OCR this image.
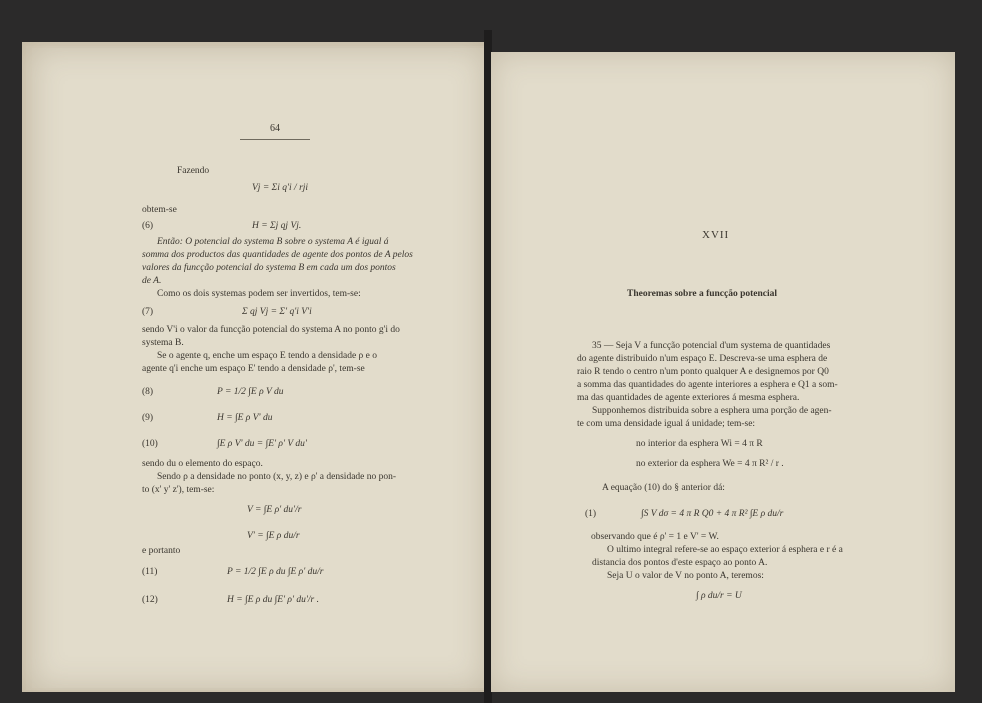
64
Fazendo
Vj = Σi q'i / rji
obtem-se
(6)	H = Σj qj Vj.
Então: O potencial do systema B sobre o systema A é igual á
somma dos productos das quantidades de agente dos pontos de A pelos
valores da funcção potencial do systema B em cada um dos pontos
de A.
Como os dois systemas podem ser invertidos, tem-se:
(7)	Σ qj Vj = Σ' q'i V'i
sendo V'i o valor da funcção potencial do systema A no ponto g'i do
systema B.
Se o agente q, enche um espaço E tendo a densidade ρ e o
agente q'i enche um espaço E' tendo a densidade ρ', tem-se
(8)	P = 1/2 ∫E ρ V du
(9)	H = ∫E ρ V' du
(10)	∫E ρ V' du = ∫E' ρ' V du'
sendo du o elemento do espaço.
Sendo ρ a densidade no ponto (x, y, z) e ρ' a densidade no pon-
to (x' y' z'), tem-se:
V = ∫E ρ' du'/r
V' = ∫E ρ du/r
e portanto
(11)	P = 1/2 ∫E ρ du ∫E ρ' du/r
(12)	H = ∫E ρ du ∫E' ρ' du'/r .
XVII
Theoremas sobre a funcção potencial
35 — Seja V a funcção potencial d'um systema de quantidades
do agente distribuido n'um espaço E. Descreva-se uma esphera de
raio R tendo o centro n'um ponto qualquer A e designemos por Q0
a somma das quantidades do agente interiores a esphera e Q1 a som-
ma das quantidades de agente exteriores á mesma esphera.
Supponhemos distribuida sobre a esphera uma porção de agen-
te com uma densidade igual á unidade; tem-se:
no interior da esphera Wi = 4 π R
no exterior da esphera We = 4 π R² / r .
A equação (10) do § anterior dá:
(1)	∫S V dσ = 4 π R Q0 + 4 π R² ∫E ρ du/r
observando que é ρ' = 1 e V' = W.
O ultimo integral refere-se ao espaço exterior á esphera e r é a
distancia dos pontos d'este espaço ao ponto A.
Seja U o valor de V no ponto A, teremos:
∫ ρ du/r = U
